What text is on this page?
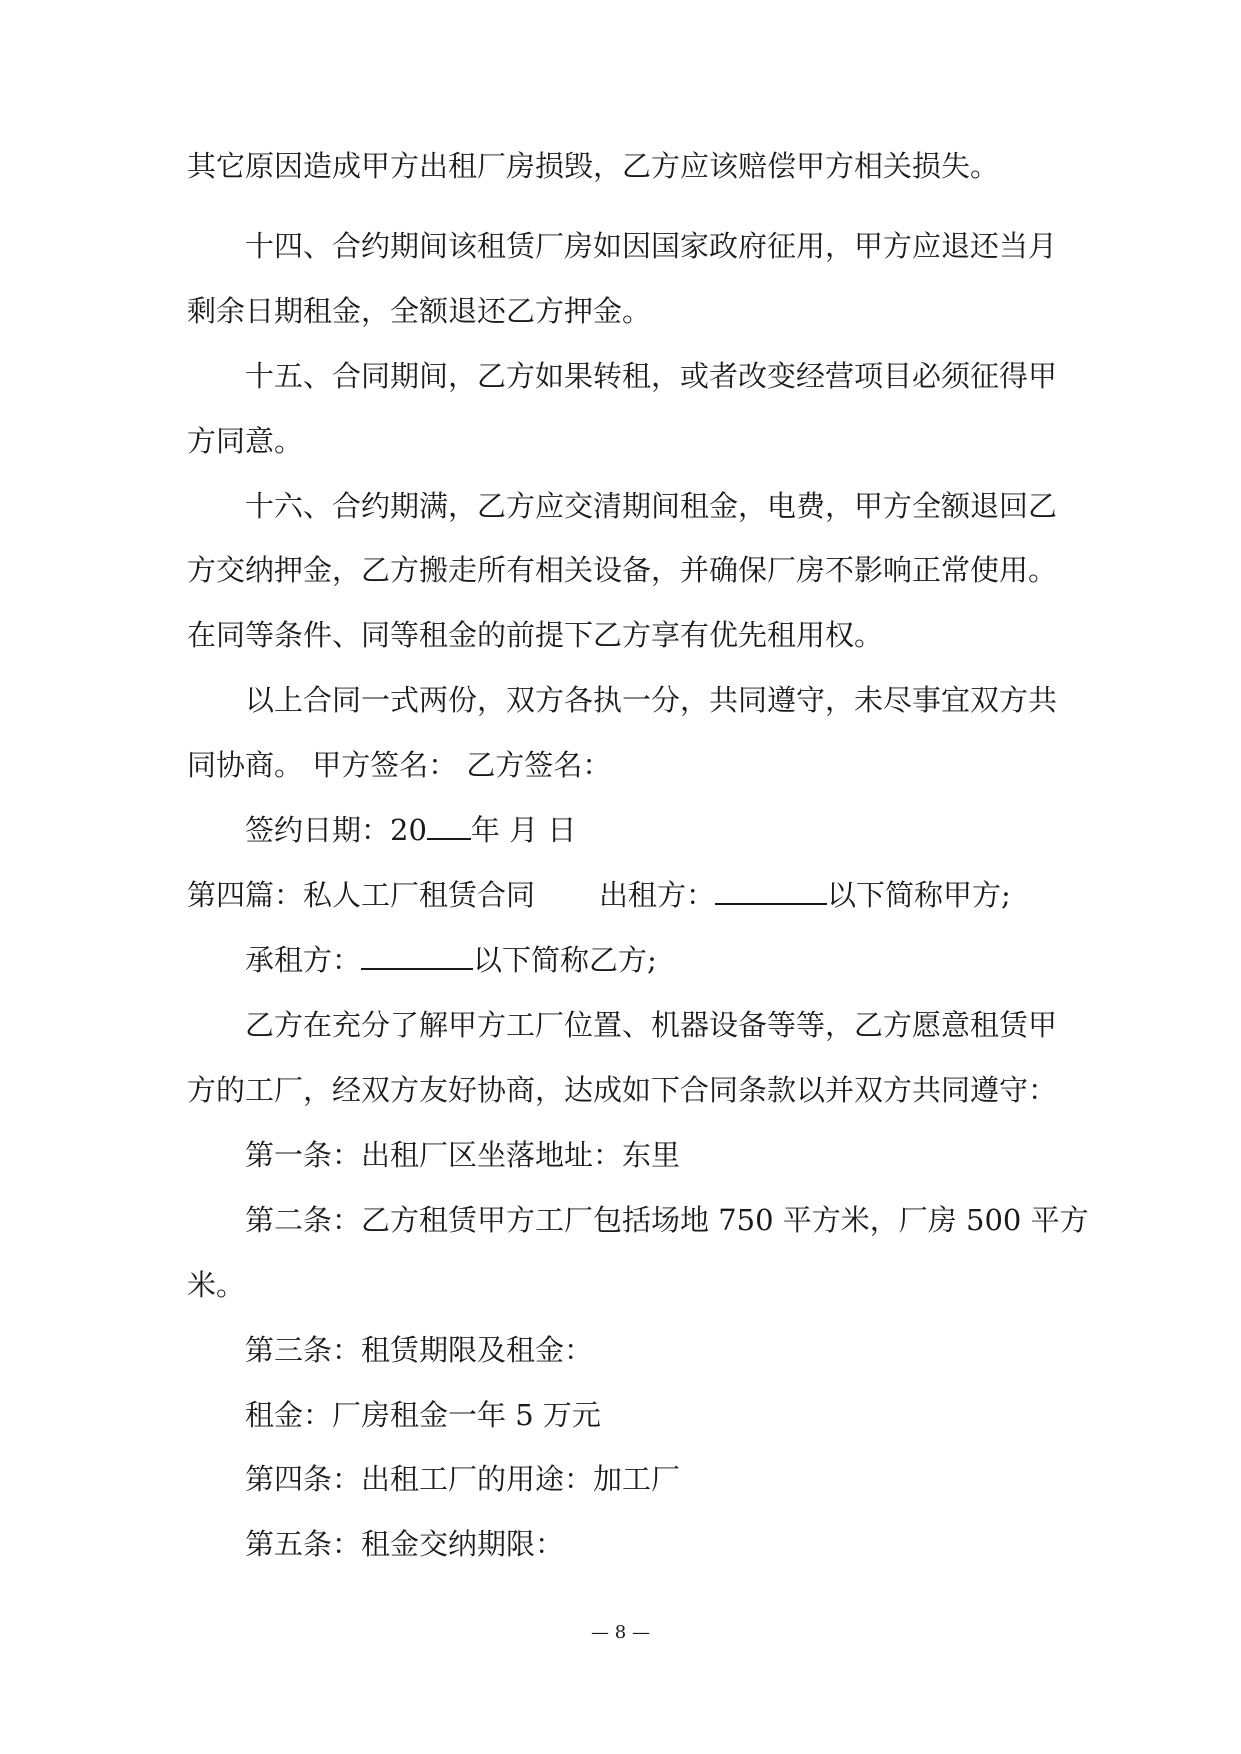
其它原因造成甲方出租厂房损毁，乙方应该赔偿甲方相关损失。
十四、合约期间该租赁厂房如因国家政府征用，甲方应退还当月
剩余日期租金，全额退还乙方押金。
十五、合同期间，乙方如果转租，或者改变经营项目必须征得甲
方同意。
十六、合约期满，乙方应交清期间租金，电费，甲方全额退回乙
方交纳押金，乙方搬走所有相关设备，并确保厂房不影响正常使用。
在同等条件、同等租金的前提下乙方享有优先租用权。
以上合同一式两份，双方各执一分，共同遵守，未尽事宜双方共
同协商。 甲方签名： 乙方签名：
签约日期：20 年 月 日
第四篇：私人工厂租赁合同 出租方：	以下简称甲方;
承租方：	以下简称乙方;
乙方在充分了解甲方工厂位置、机器设备等等，乙方愿意租赁甲
方的工厂，经双方友好协商，达成如下合同条款以并双方共同遵守：
第一条：出租厂区坐落地址：东里
第二条：乙方租赁甲方工厂包括场地 750 平方米，厂房 500 平方
米。
第三条：租赁期限及租金：
租金：厂房租金一年 5 万元
第四条：出租工厂的用途：加工厂
第五条：租金交纳期限：
— 8 —
